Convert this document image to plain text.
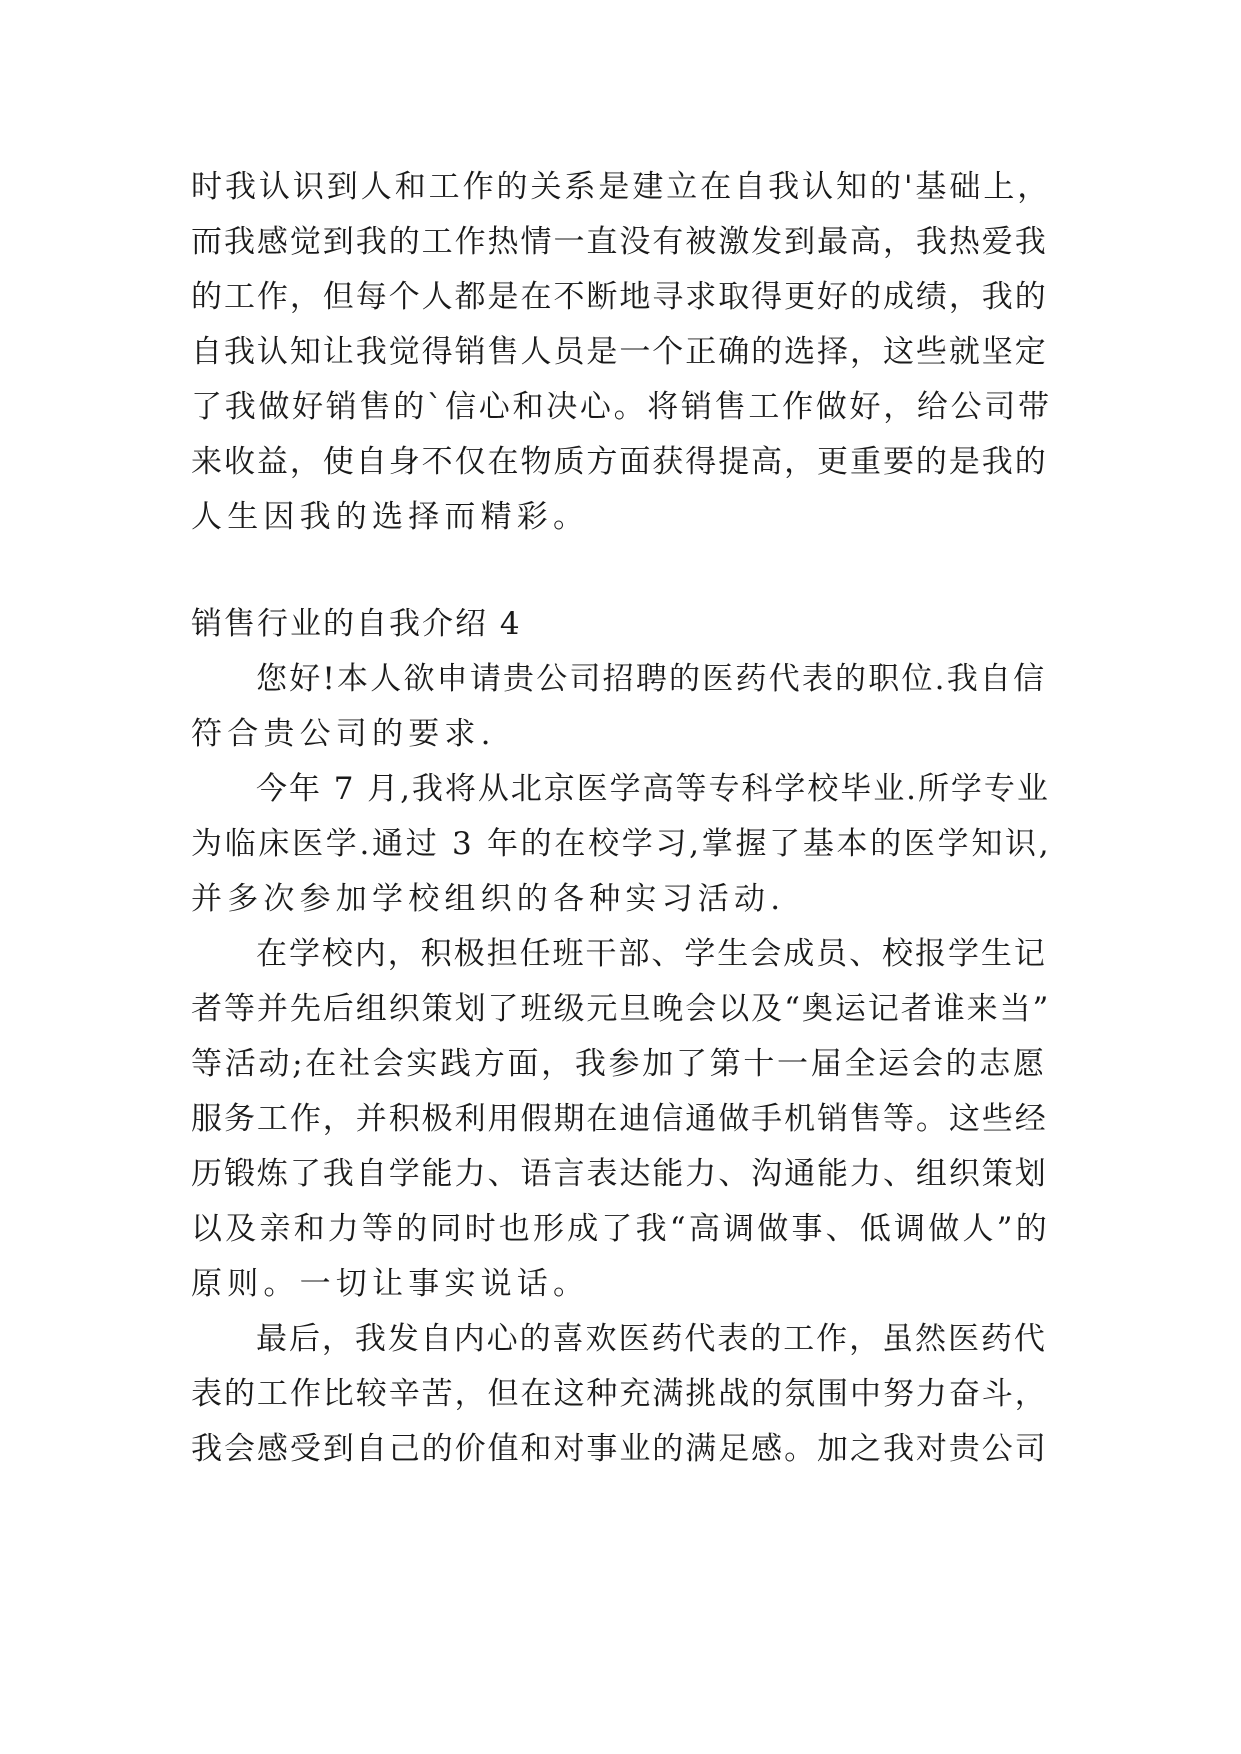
时我认识到人和工作的关系是建立在自我认知的'基础上，
而我感觉到我的工作热情一直没有被激发到最高，我热爱我
的工作，但每个人都是在不断地寻求取得更好的成绩，我的
自我认知让我觉得销售人员是一个正确的选择，这些就坚定
了我做好销售的`信心和决心。将销售工作做好，给公司带
来收益，使自身不仅在物质方面获得提高，更重要的是我的
人生因我的选择而精彩。
销售行业的自我介绍 4
您好!本人欲申请贵公司招聘的医药代表的职位.我自信
符合贵公司的要求.
今年 7 月,我将从北京医学高等专科学校毕业.所学专业
为临床医学.通过 3 年的在校学习,掌握了基本的医学知识,
并多次参加学校组织的各种实习活动.
在学校内，积极担任班干部、学生会成员、校报学生记
者等并先后组织策划了班级元旦晚会以及“奥运记者谁来当”
等活动;在社会实践方面，我参加了第十一届全运会的志愿
服务工作，并积极利用假期在迪信通做手机销售等。这些经
历锻炼了我自学能力、语言表达能力、沟通能力、组织策划
以及亲和力等的同时也形成了我“高调做事、低调做人”的
原则。一切让事实说话。
最后，我发自内心的喜欢医药代表的工作，虽然医药代
表的工作比较辛苦，但在这种充满挑战的氛围中努力奋斗，
我会感受到自己的价值和对事业的满足感。加之我对贵公司
